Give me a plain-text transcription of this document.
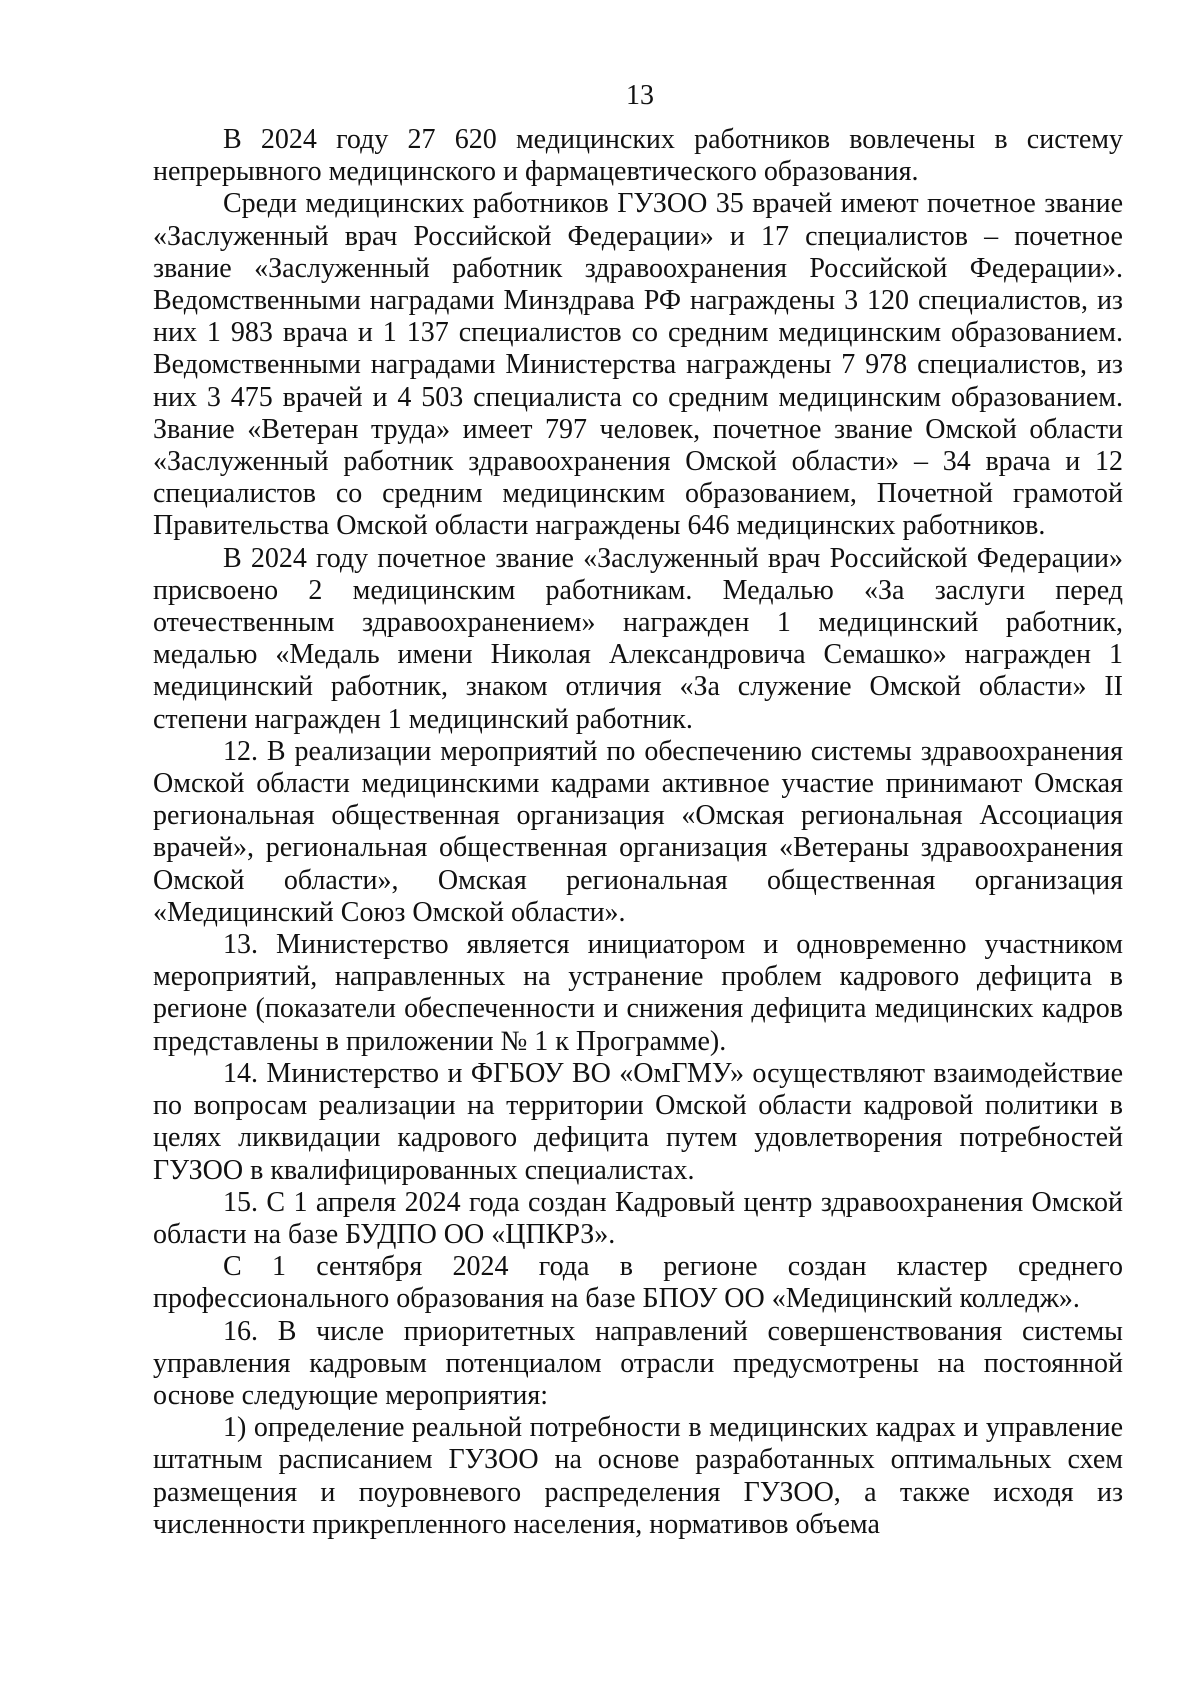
13

В 2024 году 27 620 медицинских работников вовлечены в систему непрерывного медицинского и фармацевтического образования.

Среди медицинских работников ГУЗОО 35 врачей имеют почетное звание «Заслуженный врач Российской Федерации» и 17 специалистов – почетное звание «Заслуженный работник здравоохранения Российской Федерации». Ведомственными наградами Минздрава РФ награждены 3 120 специалистов, из них 1 983 врача и 1 137 специалистов со средним медицинским образованием. Ведомственными наградами Министерства награждены 7 978 специалистов, из них 3 475 врачей и 4 503 специалиста со средним медицинским образованием. Звание «Ветеран труда» имеет 797 человек, почетное звание Омской области «Заслуженный работник здравоохранения Омской области» – 34 врача и 12 специалистов со средним медицинским образованием, Почетной грамотой Правительства Омской области награждены 646 медицинских работников.

В 2024 году почетное звание «Заслуженный врач Российской Федерации» присвоено 2 медицинским работникам. Медалью «За заслуги перед отечественным здравоохранением» награжден 1 медицинский работник, медалью «Медаль имени Николая Александровича Семашко» награжден 1 медицинский работник, знаком отличия «За служение Омской области» II степени награжден 1 медицинский работник.

12. В реализации мероприятий по обеспечению системы здравоохранения Омской области медицинскими кадрами активное участие принимают Омская региональная общественная организация «Омская региональная Ассоциация врачей», региональная общественная организация «Ветераны здравоохранения Омской области», Омская региональная общественная организация «Медицинский Союз Омской области».

13. Министерство является инициатором и одновременно участником мероприятий, направленных на устранение проблем кадрового дефицита в регионе (показатели обеспеченности и снижения дефицита медицинских кадров представлены в приложении № 1 к Программе).

14. Министерство и ФГБОУ ВО «ОмГМУ» осуществляют взаимодействие по вопросам реализации на территории Омской области кадровой политики в целях ликвидации кадрового дефицита путем удовлетворения потребностей ГУЗОО в квалифицированных специалистах.

15. С 1 апреля 2024 года создан Кадровый центр здравоохранения Омской области на базе БУДПО ОО «ЦПКРЗ».

С 1 сентября 2024 года в регионе создан кластер среднего профессионального образования на базе БПОУ ОО «Медицинский колледж».

16. В числе приоритетных направлений совершенствования системы управления кадровым потенциалом отрасли предусмотрены на постоянной основе следующие мероприятия:

1) определение реальной потребности в медицинских кадрах и управление штатным расписанием ГУЗОО на основе разработанных оптимальных схем размещения и поуровневого распределения ГУЗОО, а также исходя из численности прикрепленного населения, нормативов объема
